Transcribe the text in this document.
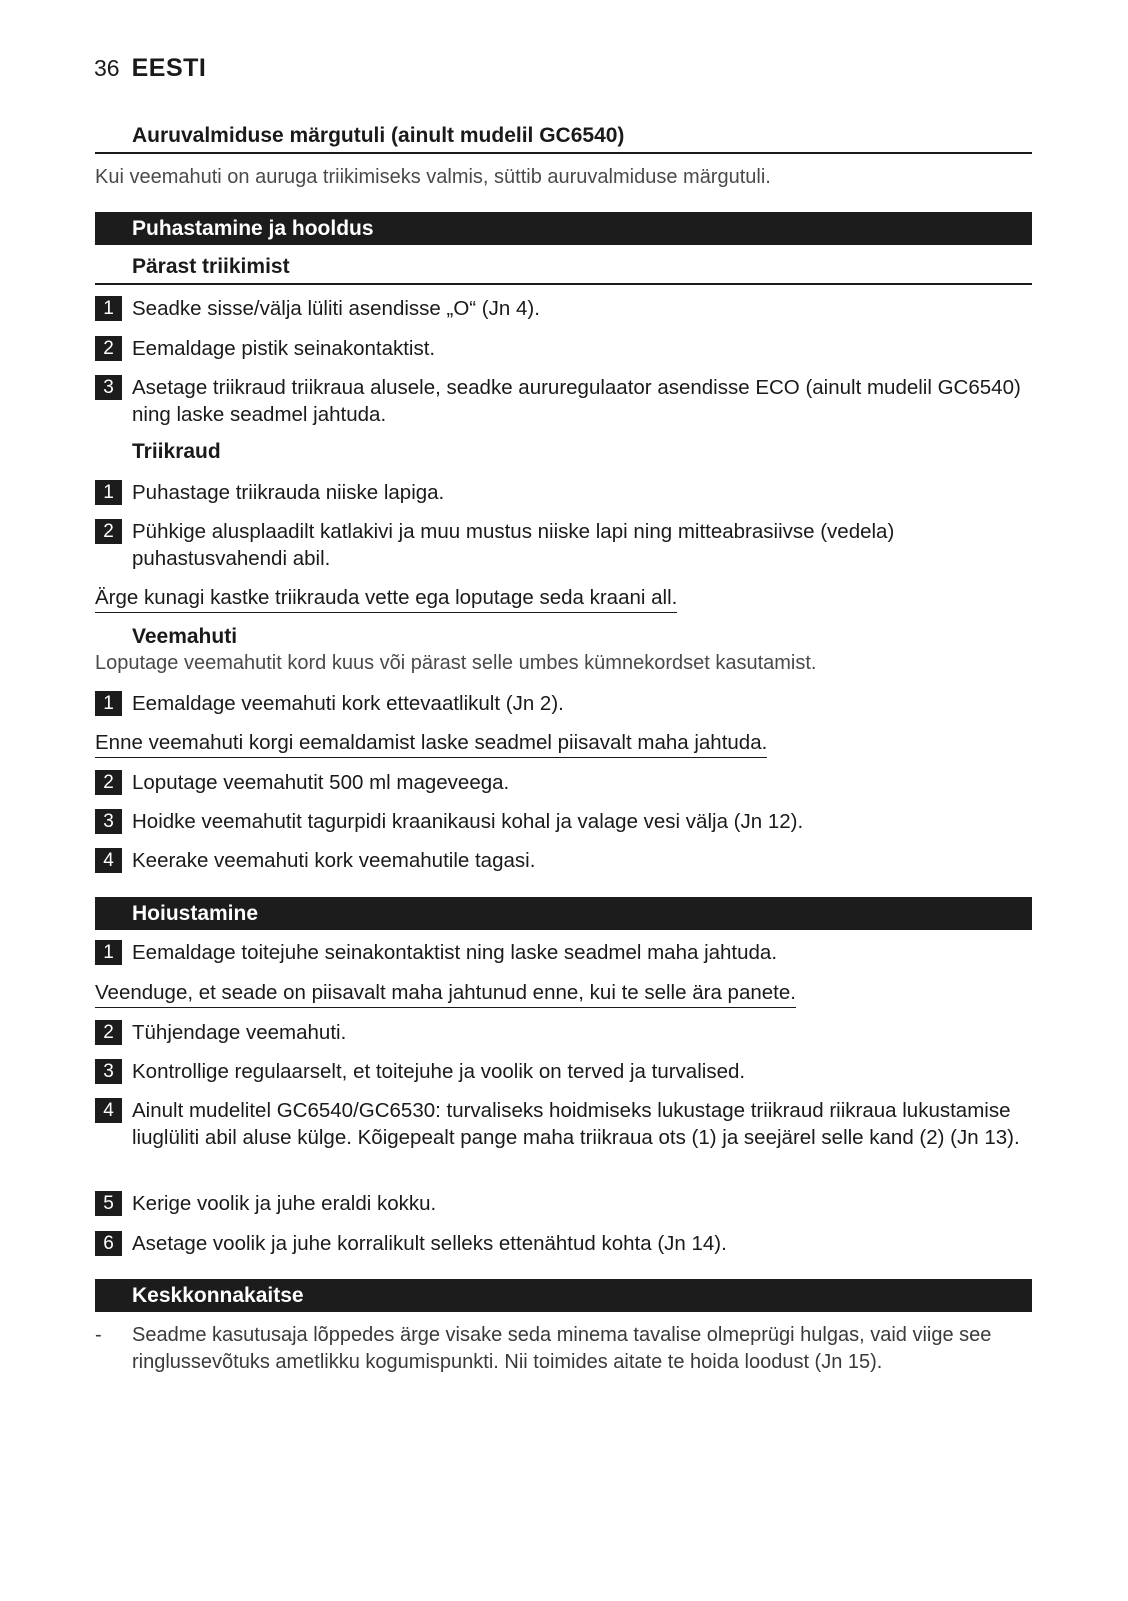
36 EESTI
Auruvalmiduse märgutuli (ainult mudelil GC6540)
Kui veemahuti on auruga triikimiseks valmis, süttib auruvalmiduse märgutuli.
Puhastamine ja hooldus
Pärast triikimist
1 Seadke sisse/välja lüliti asendisse „O“ (Jn 4).
2 Eemaldage pistik seinakontaktist.
3 Asetage triikraud triikraua alusele, seadke aururegulaator asendisse ECO (ainult mudelil GC6540) ning laske seadmel jahtuda.
Triikraud
1 Puhastage triikrauda niiske lapiga.
2 Pühkige alusplaadilt katlakivi ja muu mustus niiske lapi ning mitteabrasiivse (vedela) puhastusvahendi abil.
Ärge kunagi kastke triikrauda vette ega loputage seda kraani all.
Veemahuti
Loputage veemahutit kord kuus või pärast selle umbes kümnekordset kasutamist.
1 Eemaldage veemahuti kork ettevaatlikult (Jn 2).
Enne veemahuti korgi eemaldamist laske seadmel piisavalt maha jahtuda.
2 Loputage veemahutit 500 ml mageveega.
3 Hoidke veemahutit tagurpidi kraanikausi kohal ja valage vesi välja (Jn 12).
4 Keerake veemahuti kork veemahutile tagasi.
Hoiustamine
1 Eemaldage toitejuhe seinakontaktist ning laske seadmel maha jahtuda.
Veenduge, et seade on piisavalt maha jahtunud enne, kui te selle ära panete.
2 Tühjendage veemahuti.
3 Kontrollige regulaarselt, et toitejuhe ja voolik on terved ja turvalised.
4 Ainult mudelitel GC6540/GC6530: turvaliseks hoidmiseks lukustage triikraud riikraua lukustamise liuglüliti abil aluse külge. Kõigepealt pange maha triikraua ots (1) ja seejärel selle kand (2) (Jn 13).
5 Kerige voolik ja juhe eraldi kokku.
6 Asetage voolik ja juhe korralikult selleks ettenähtud kohta (Jn 14).
Keskkonnakaitse
-	Seadme kasutusaja lõppedes ärge visake seda minema tavalise olmeprügi hulgas, vaid viige see ringlussevõtuks ametlikku kogumispunkti. Nii toimides aitate te hoida loodust (Jn 15).
